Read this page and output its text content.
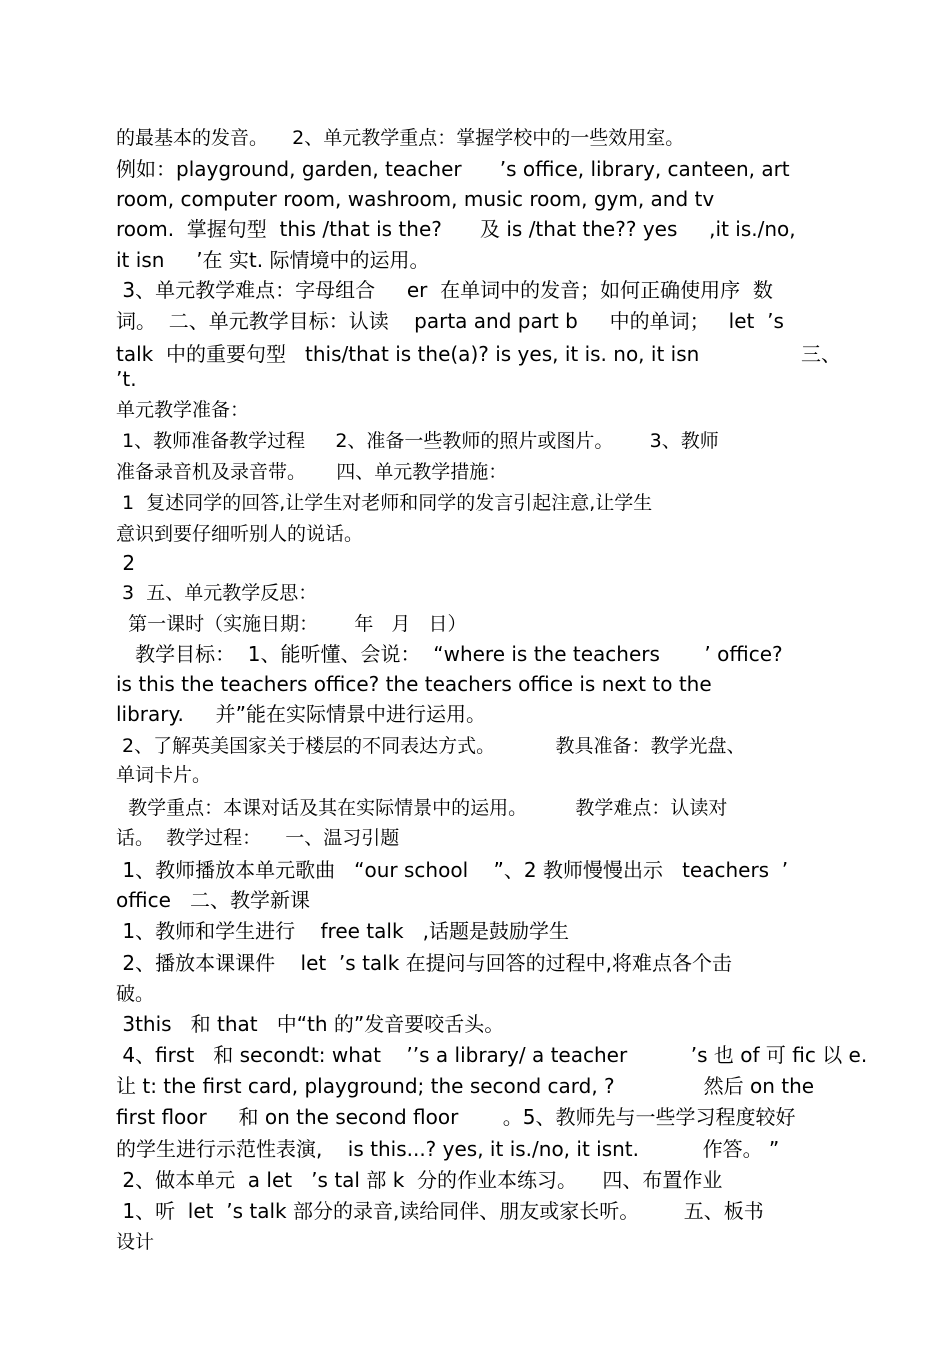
的最基本的发音。    2、单元教学重点：掌握学校中的一些效用室。

例如：playground, garden, teacher      ’s office, library, canteen, art

room, computer room, washroom, music room, gym, and tv

room.  掌握句型  this /that is the?      及 is /that the?? yes     ,it is./no,

it isn     ’在 实t. 际情境中的运用。

3、单元教学难点：字母组合     er  在单词中的发音；如何正确使用序  数

词。  二、单元教学目标：认读    parta and part b     中的单词；   let  ’s

talk  中的重要句型   this/that is the(a)? is yes, it is. no, it isn                三、

’t.

单元教学准备：

1、教师准备教学过程     2、准备一些教师的照片或图片。      3、教师

准备录音机及录音带。     四、单元教学措施：

1  复述同学的回答,让学生对老师和同学的发言引起注意,让学生

意识到要仔细听别人的说话。

2

3  五、单元教学反思：

第一课时（实施日期：      年   月   日）

教学目标：  1、能听懂、会说：  “where is the teachers       ’ office?

is this the teachers office? the teachers office is next to the

library.     并”能在实际情景中进行运用。

2、了解英美国家关于楼层的不同表达方式。          教具准备：教学光盘、

单词卡片。

教学重点：本课对话及其在实际情景中的运用。        教学难点：认读对

话。  教学过程：    一、温习引题

1、教师播放本单元歌曲   “our school    ”、2 教师慢慢出示   teachers  ’

office   二、教学新课

1、教师和学生进行    free talk   ,话题是鼓励学生

2、播放本课课件    let  ’s talk 在提问与回答的过程中,将难点各个击

破。

3this   和 that   中“th 的”发音要咬舌头。

4、first   和 secondt: what    ’’s a library/ a teacher          ’s 也 of 可 fic 以 e.

让 t: the first card, playground; the second card, ?              然后 on the

first floor     和 on the second floor       。5、教师先与一些学习程度较好

的学生进行示范性表演,    is this...? yes, it is./no, it isnt.          作答。 ”

2、做本单元  a let   ’s tal 部 k  分的作业本练习。    四、布置作业

1、听  let  ’s talk 部分的录音,读给同伴、朋友或家长听。       五、板书

设计
